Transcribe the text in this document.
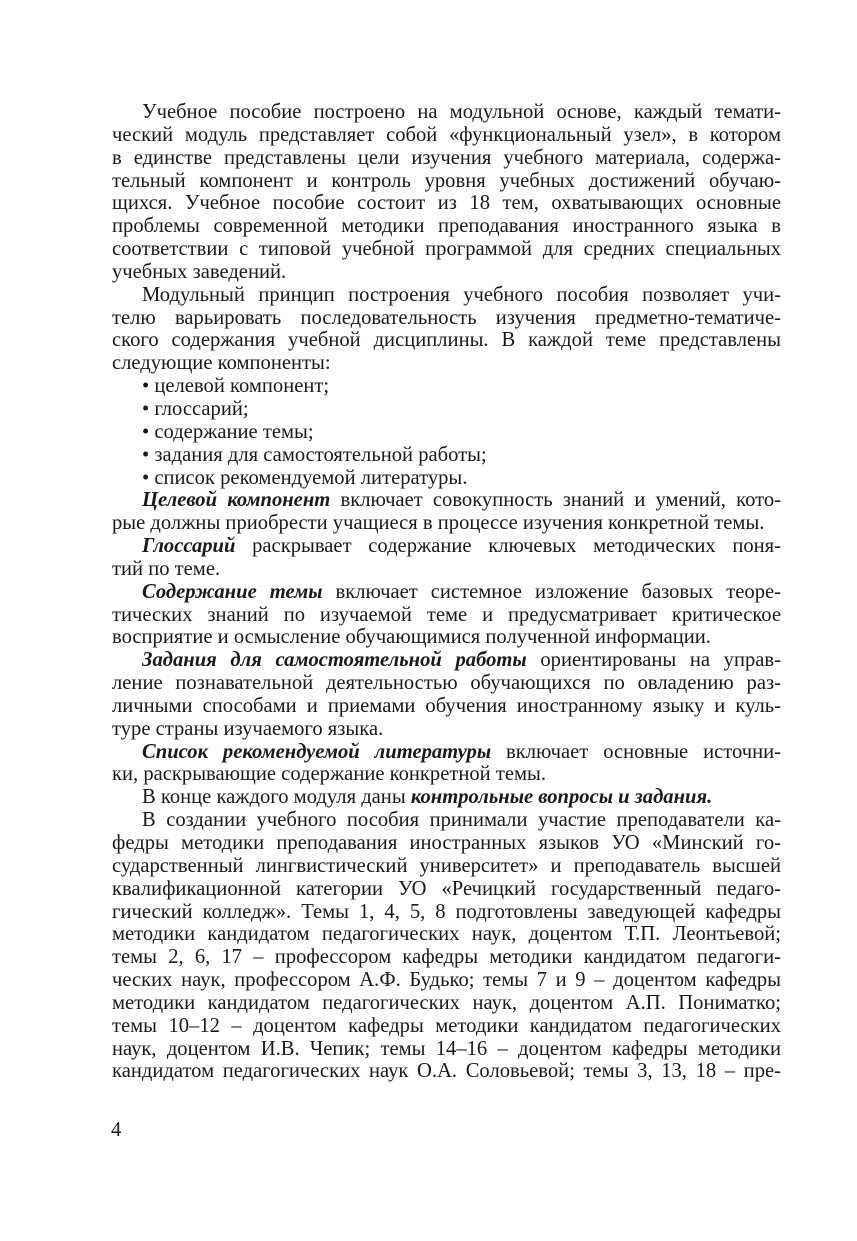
Учебное пособие построено на модульной основе, каждый темати-
ческий модуль представляет собой «функциональный узел», в котором
в единстве представлены цели изучения учебного материала, содержа-
тельный компонент и контроль уровня учебных достижений обучаю-
щихся. Учебное пособие состоит из 18 тем, охватывающих основные
проблемы современной методики преподавания иностранного языка в
соответствии с типовой учебной программой для средних специальных
учебных заведений.
Модульный принцип построения учебного пособия позволяет учи-
телю варьировать последовательность изучения предметно-тематиче-
ского содержания учебной дисциплины. В каждой теме представлены
следующие компоненты:
• целевой компонент;
• глоссарий;
• содержание темы;
• задания для самостоятельной работы;
• список рекомендуемой литературы.
Целевой компонент включает совокупность знаний и умений, кото-
рые должны приобрести учащиеся в процессе изучения конкретной темы.
Глоссарий раскрывает содержание ключевых методических поня-
тий по теме.
Содержание темы включает системное изложение базовых теоре-
тических знаний по изучаемой теме и предусматривает критическое
восприятие и осмысление обучающимися полученной информации.
Задания для самостоятельной работы ориентированы на управ-
ление познавательной деятельностью обучающихся по овладению раз-
личными способами и приемами обучения иностранному языку и куль-
туре страны изучаемого языка.
Список рекомендуемой литературы включает основные источни-
ки, раскрывающие содержание конкретной темы.
В конце каждого модуля даны контрольные вопросы и задания.
В создании учебного пособия принимали участие преподаватели ка-
федры методики преподавания иностранных языков УО «Минский го-
сударственный лингвистический университет» и преподаватель высшей
квалификационной категории УО «Речицкий государственный педаго-
гический колледж». Темы 1, 4, 5, 8 подготовлены заведующей кафедры
методики кандидатом педагогических наук, доцентом Т.П. Леонтьевой;
темы 2, 6, 17 – профессором кафедры методики кандидатом педагоги-
ческих наук, профессором А.Ф. Будько; темы 7 и 9 – доцентом кафедры
методики кандидатом педагогических наук, доцентом А.П. Пониматко;
темы 10–12 – доцентом кафедры методики кандидатом педагогических
наук, доцентом И.В. Чепик; темы 14–16 – доцентом кафедры методики
кандидатом педагогических наук О.А. Соловьевой; темы 3, 13, 18 – пре-
4
